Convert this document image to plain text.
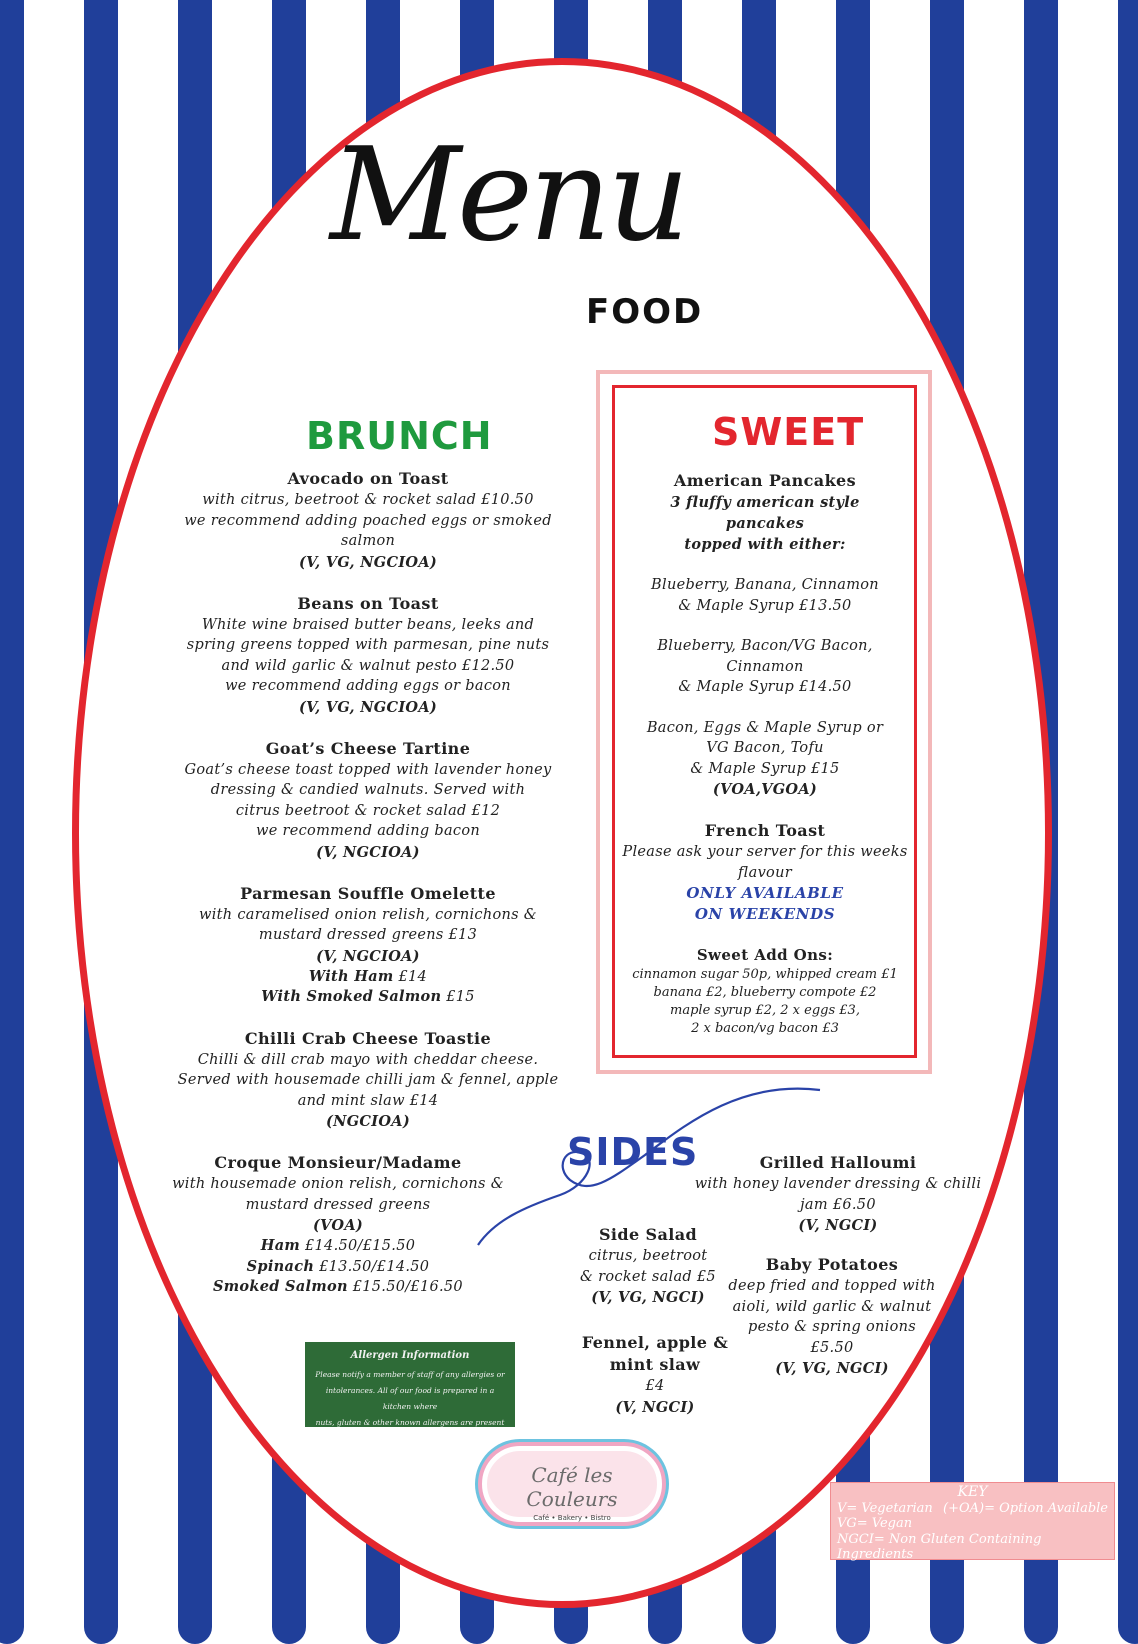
Menu
FOOD
BRUNCH
Avocado on Toast
with citrus, beetroot & rocket salad £10.50
we recommend adding poached eggs or smoked
salmon
(V, VG, NGCIOA)
Beans on Toast
White wine braised butter beans, leeks and
spring greens topped with parmesan, pine nuts
and wild garlic & walnut pesto £12.50
we recommend adding eggs or bacon
(V, VG, NGCIOA)
Goat’s Cheese Tartine
Goat’s cheese toast topped with lavender honey
dressing & candied walnuts. Served with
citrus beetroot & rocket salad £12
we recommend adding bacon
(V, NGCIOA)
Parmesan Souffle Omelette
with caramelised onion relish, cornichons &
mustard dressed greens £13
(V, NGCIOA)
With Ham £14
With Smoked Salmon £15
Chilli Crab Cheese Toastie
Chilli & dill crab mayo with cheddar cheese.
Served with housemade chilli jam & fennel, apple
and mint slaw £14
(NGCIOA)
Croque Monsieur/Madame
with housemade onion relish, cornichons &
mustard dressed greens
(VOA)
Ham £14.50/£15.50
Spinach £13.50/£14.50
Smoked Salmon £15.50/£16.50
SWEET
American Pancakes
3 fluffy american style
pancakes
topped with either:
Blueberry, Banana, Cinnamon
& Maple Syrup £13.50
Blueberry, Bacon/VG Bacon,
Cinnamon
& Maple Syrup £14.50
Bacon, Eggs & Maple Syrup or
VG Bacon, Tofu
& Maple Syrup £15
(VOA,VGOA)
French Toast
Please ask your server for this weeks
flavour
ONLY AVAILABLE
ON WEEKENDS
Sweet Add Ons:
cinnamon sugar 50p, whipped cream £1
banana £2, blueberry compote £2
maple syrup £2, 2 x eggs £3,
2 x bacon/vg bacon £3
SIDES	Grilled Halloumi
with honey lavender dressing & chilli
jam £6.50
(V, NGCI)
Side Salad
citrus, beetroot
& rocket salad £5
(V, VG, NGCI)
Baby Potatoes
deep fried and topped with
aioli, wild garlic & walnut
pesto & spring onions
£5.50
(V, VG, NGCI)
Fennel, apple &
mint slaw
£4
(V, NGCI)
Allergen Information
Please notify a member of staff of any allergies or
intolerances. All of our food is prepared in a kitchen where
nuts, gluten & other known allergens are present
Café les Couleurs
Café • Bakery • Bistro
KEY
V= Vegetarian (+OA)= Option Available
VG= Vegan
NGCI= Non Gluten Containing Ingredients
